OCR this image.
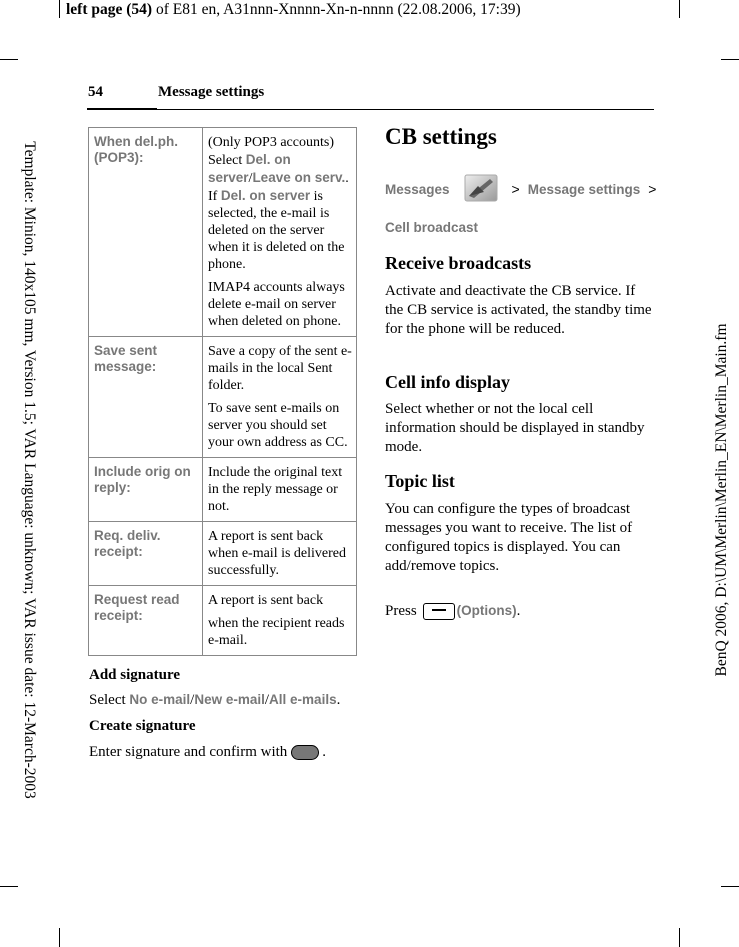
left page (54) of E81 en, A31nnn-Xnnnn-Xn-n-nnnn (22.08.2006, 17:39)
Template: Minion, 140x105 mm, Version 1.5; VAR Language: unknown; VAR issue date: 12-March-2003	BenQ 2006, D:\UM\Merlin\Merlin_EN\Merlin_Main.fm
54	Message settings
When del.ph. (POP3):	(Only POP3 accounts) Select Del. on server/Leave on serv.. If Del. on server is selected, the e-mail is deleted on the server when it is deleted on the phone.

IMAP4 accounts always delete e-mail on server when deleted on phone.

Save sent message:	Save a copy of the sent e-mails in the local Sent folder.

To save sent e-mails on server you should set your own address as CC.

Include orig on reply:	Include the original text in the reply message or not.

Req. deliv. receipt:	A report is sent back when e-mail is delivered successfully.

Request read receipt:	A report is sent back

when the recipient reads e-mail.

Add signature

Select No e-mail/New e-mail/All e-mails.

Create signature

Enter signature and confirm with .

CB settings
Messages	> Message settings >
Cell broadcast
Receive broadcasts

Activate and deactivate the CB service. If the CB service is activated, the standby time for the phone will be reduced.

Cell info display

Select whether or not the local cell information should be displayed in standby mode.

Topic list

You can configure the types of broadcast messages you want to receive. The list of configured topics is displayed. You can add/remove topics.

Press	(Options).
